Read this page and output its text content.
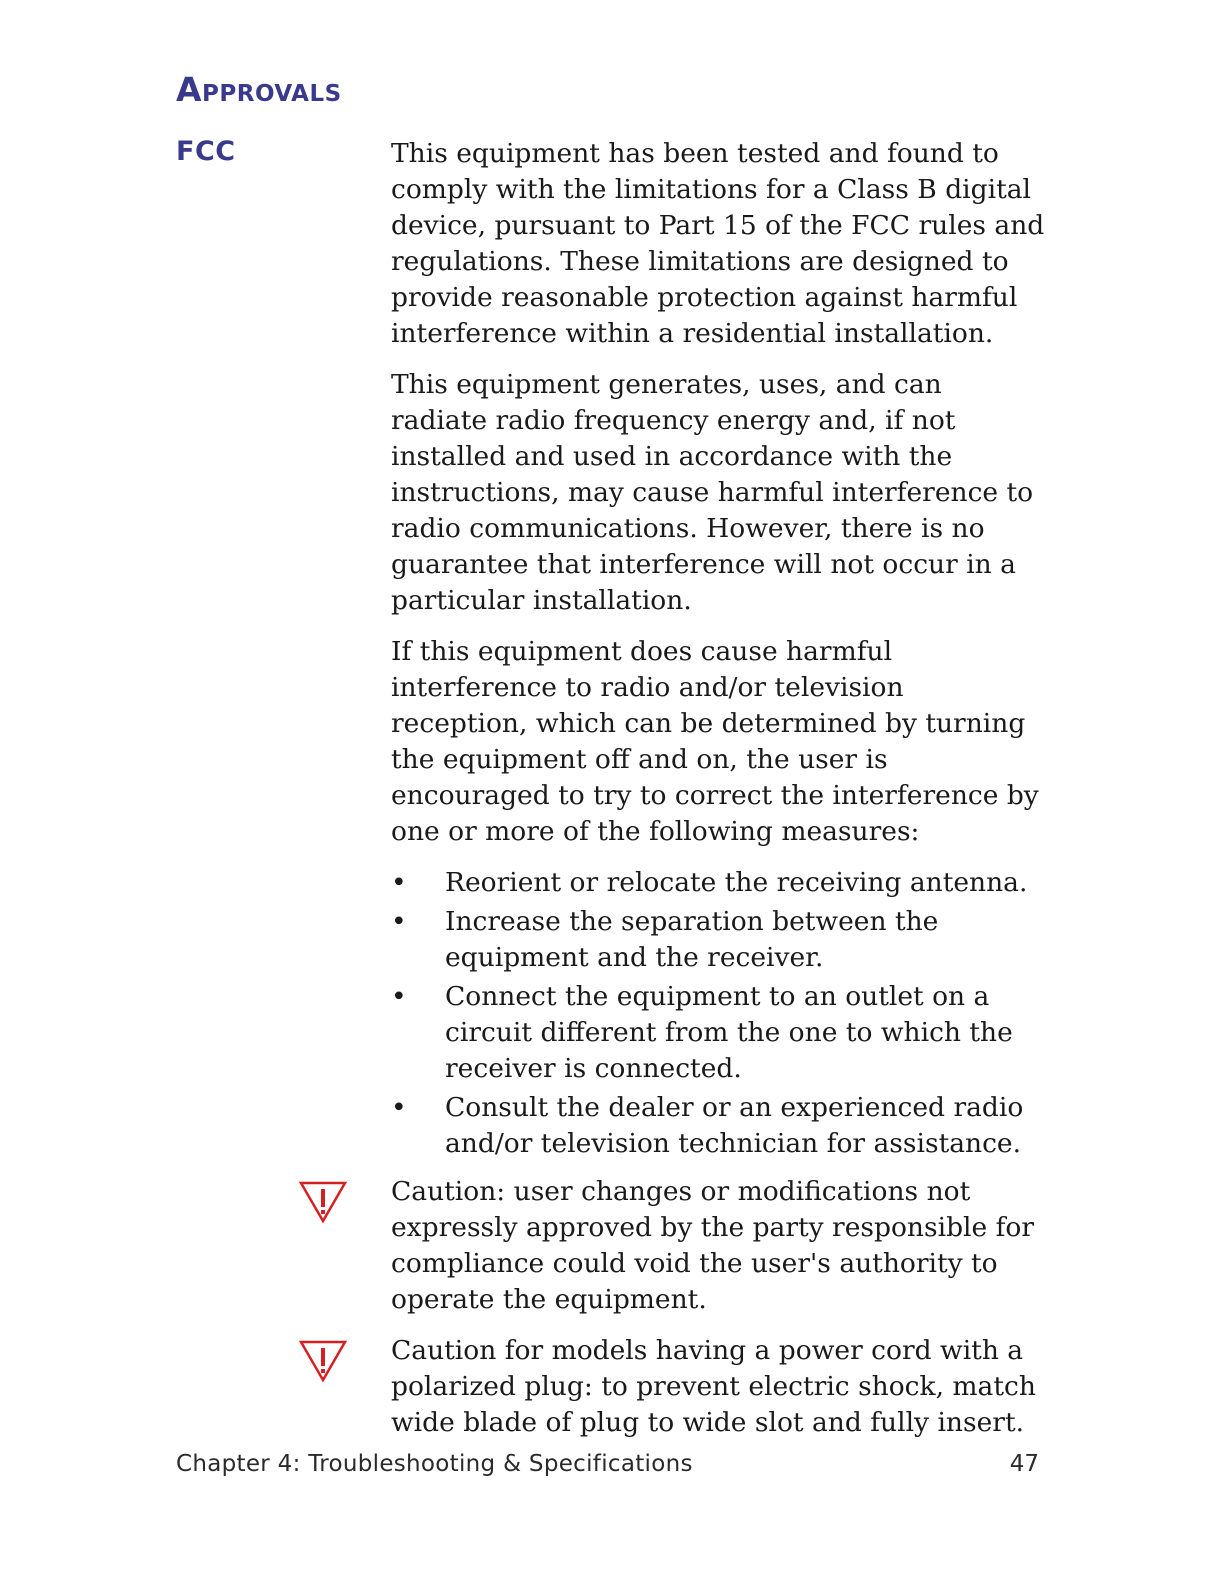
Approvals
FCC	This equipment has been tested and found to comply with the limitations for a Class B digital device, pursuant to Part 15 of the FCC rules and regulations. These limitations are designed to provide reasonable protection against harmful interference within a residential installation.

This equipment generates, uses, and can radiate radio frequency energy and, if not installed and used in accordance with the instructions, may cause harmful interference to radio communications. However, there is no guarantee that interference will not occur in a particular installation.

If this equipment does cause harmful interference to radio and/or television reception, which can be determined by turning the equipment off and on, the user is encouraged to try to correct the interference by one or more of the following measures:

• Reorient or relocate the receiving antenna.
• Increase the separation between the equipment and the receiver.
• Connect the equipment to an outlet on a circuit different from the one to which the receiver is connected.
• Consult the dealer or an experienced radio and/or television technician for assistance.
Caution: user changes or modifications not expressly approved by the party responsible for compliance could void the user's authority to operate the equipment.
Caution for models having a power cord with a polarized plug: to prevent electric shock, match wide blade of plug to wide slot and fully insert.
Chapter 4: Troubleshooting & Specifications	47
